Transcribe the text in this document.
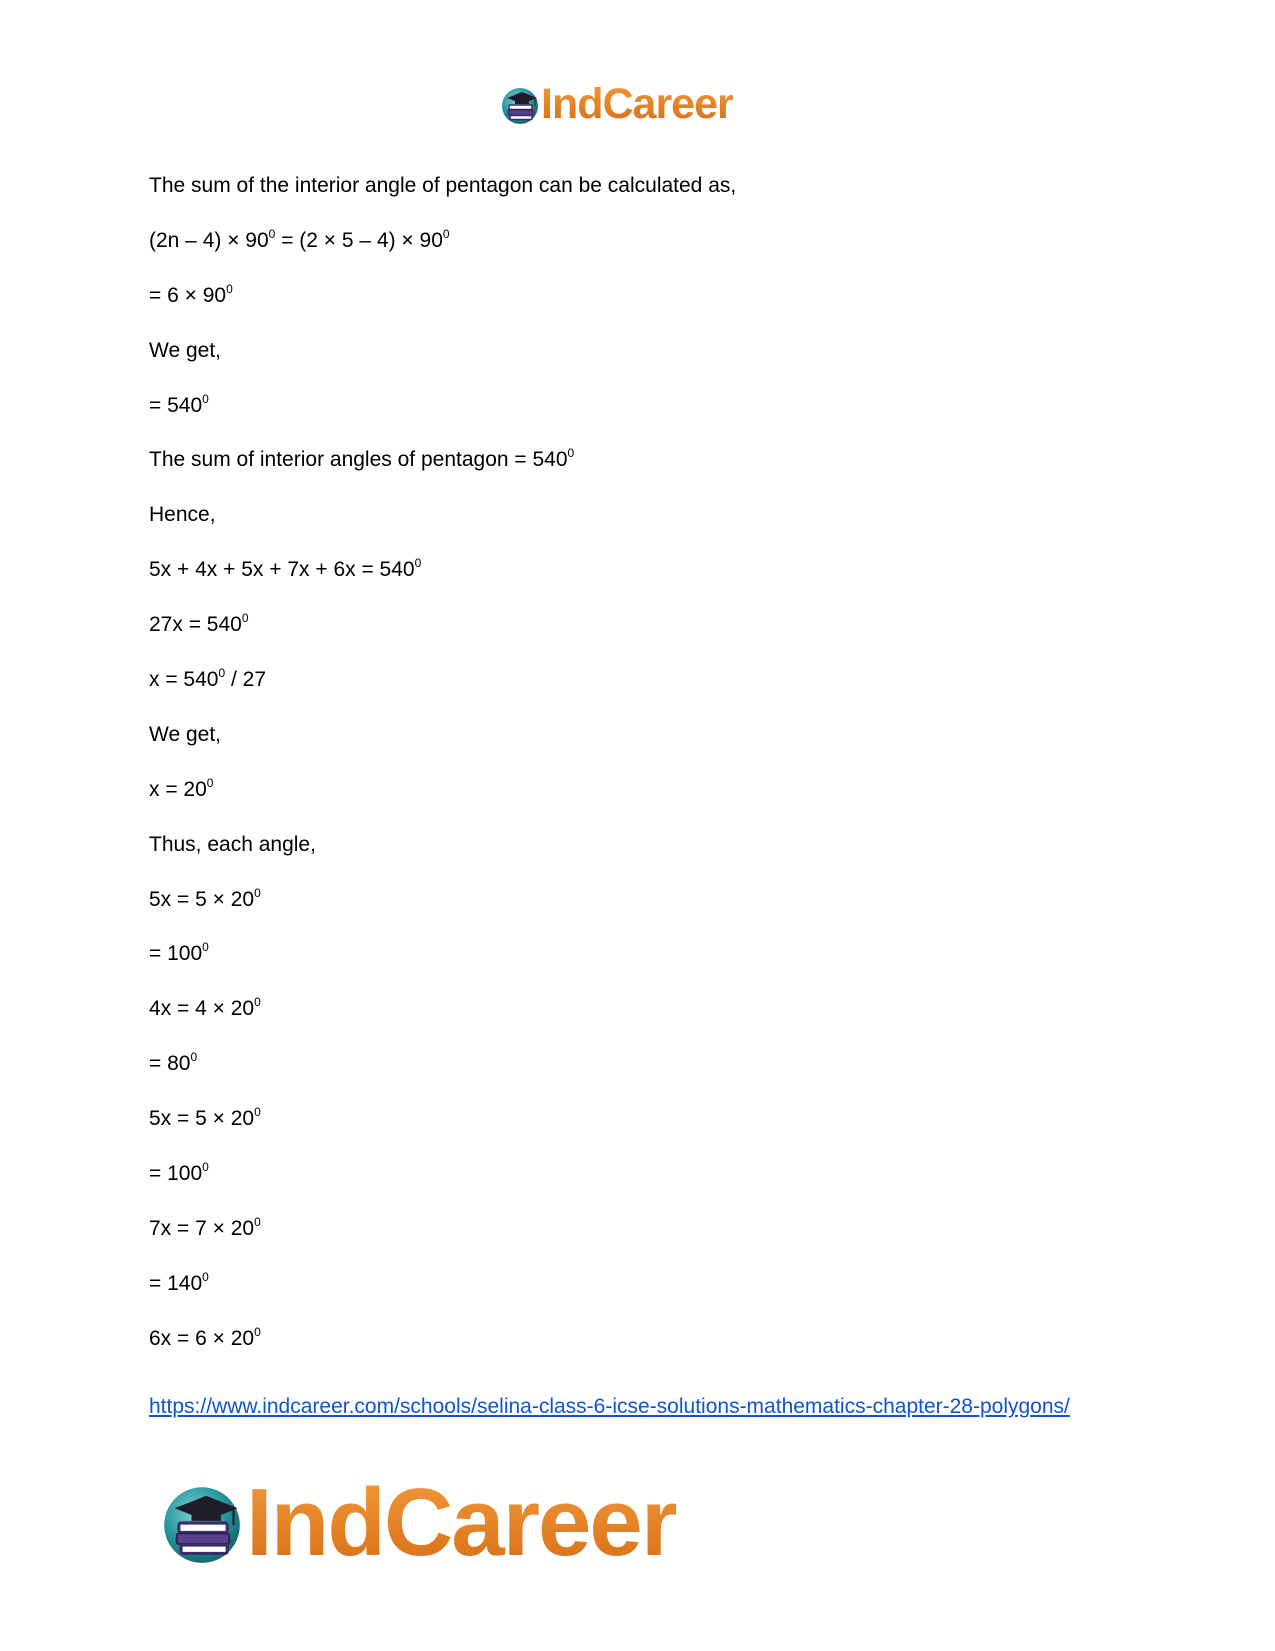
IndCareer
The sum of the interior angle of pentagon can be calculated as,
$(2n - 4) \times 90^0 = (2 \times 5 - 4) \times 90^0$
= $6 \times 90^0$
We get,
= $540^0$
The sum of interior angles of pentagon = $540^0$
Hence,
$5x + 4x + 5x + 7x + 6x = 540^0$
$27x = 540^0$
$x = 540^0 / 27$
We get,
$x = 20^0$
Thus, each angle,
$5x = 5 \times 20^0$
= $100^0$
$4x = 4 \times 20^0$
= $80^0$
$5x = 5 \times 20^0$
= $100^0$
$7x = 7 \times 20^0$
= $140^0$
$6x = 6 \times 20^0$
https://www.indcareer.com/schools/selina-class-6-icse-solutions-mathematics-chapter-28-polygons/
IndCareer
